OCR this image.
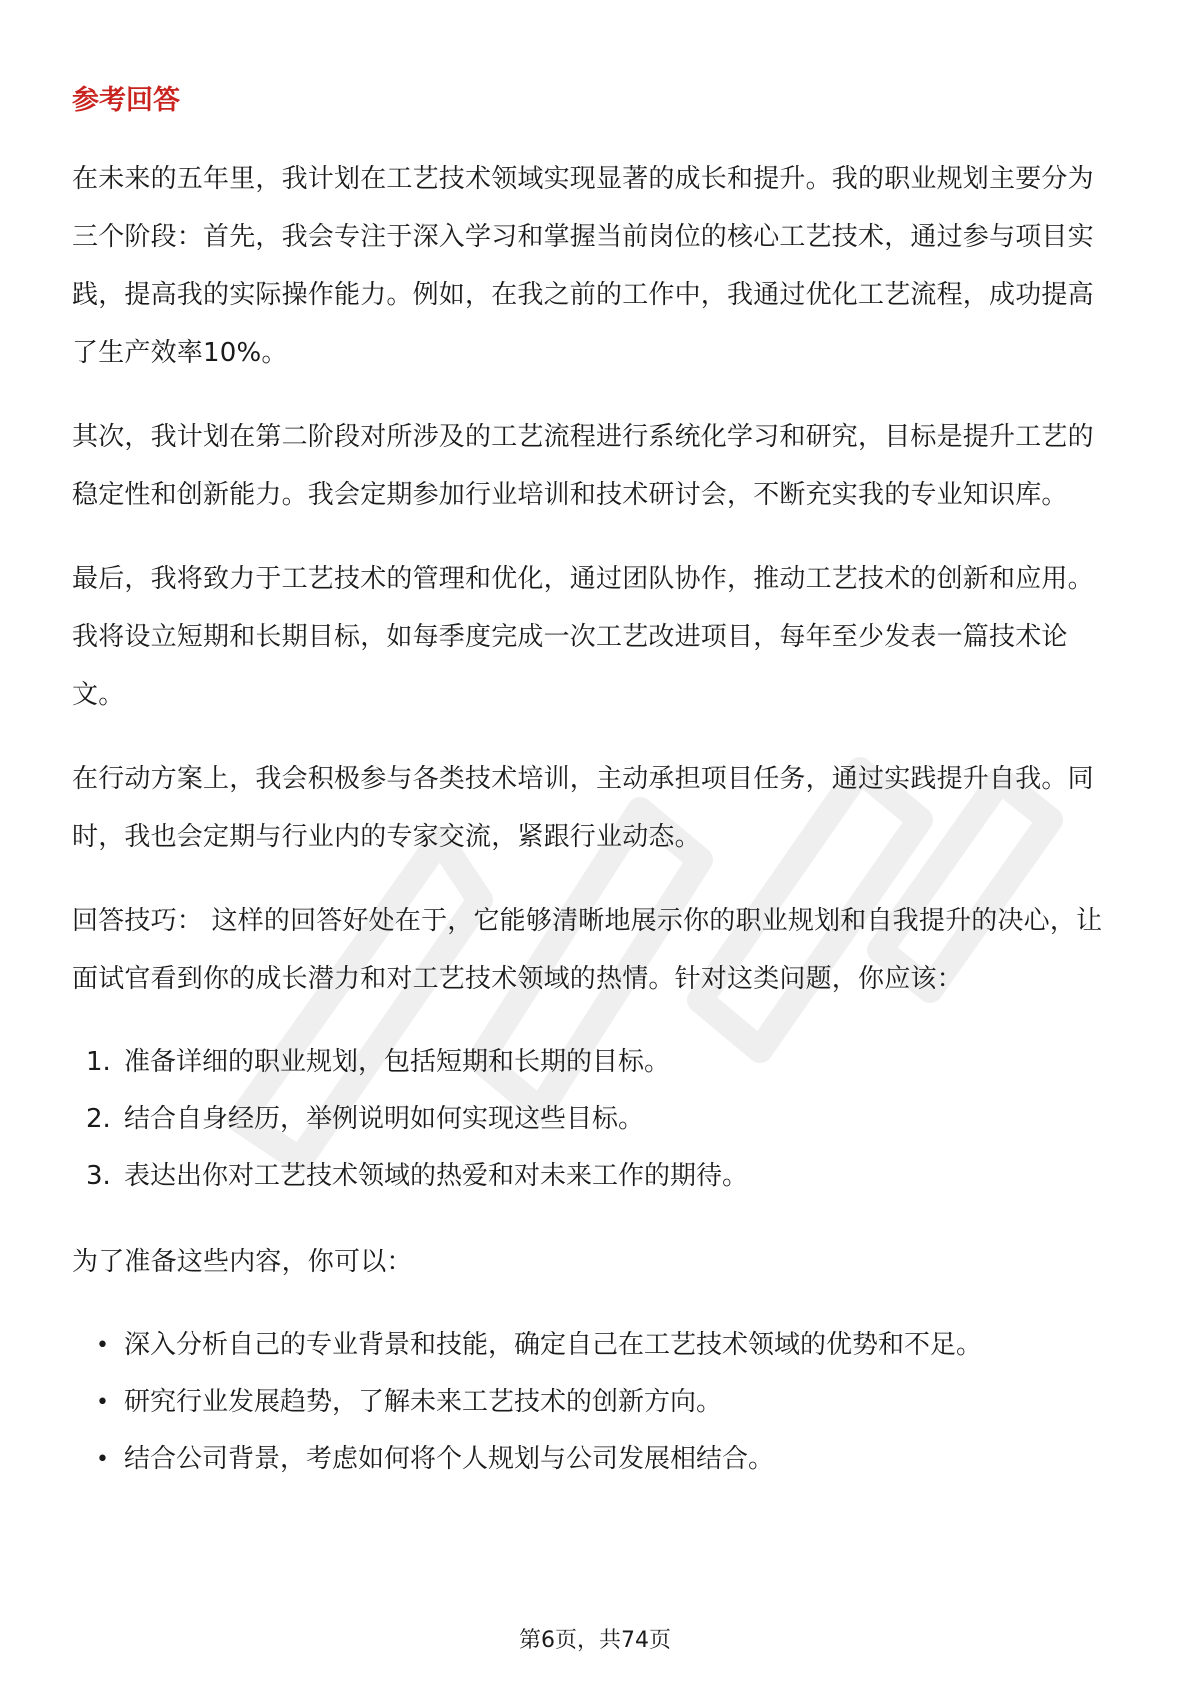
参考回答

在未来的五年里，我计划在工艺技术领域实现显著的成长和提升。我的职业规划主要分为三个阶段：首先，我会专注于深入学习和掌握当前岗位的核心工艺技术，通过参与项目实践，提高我的实际操作能力。例如，在我之前的工作中，我通过优化工艺流程，成功提高了生产效率10%。

其次，我计划在第二阶段对所涉及的工艺流程进行系统化学习和研究，目标是提升工艺的稳定性和创新能力。我会定期参加行业培训和技术研讨会，不断充实我的专业知识库。

最后，我将致力于工艺技术的管理和优化，通过团队协作，推动工艺技术的创新和应用。我将设立短期和长期目标，如每季度完成一次工艺改进项目，每年至少发表一篇技术论文。

在行动方案上，我会积极参与各类技术培训，主动承担项目任务，通过实践提升自我。同时，我也会定期与行业内的专家交流，紧跟行业动态。

回答技巧： 这样的回答好处在于，它能够清晰地展示你的职业规划和自我提升的决心，让面试官看到你的成长潜力和对工艺技术领域的热情。针对这类问题，你应该：

1. 准备详细的职业规划，包括短期和长期的目标。
2. 结合自身经历，举例说明如何实现这些目标。
3. 表达出你对工艺技术领域的热爱和对未来工作的期待。

为了准备这些内容，你可以：

• 深入分析自己的专业背景和技能，确定自己在工艺技术领域的优势和不足。
• 研究行业发展趋势，了解未来工艺技术的创新方向。
• 结合公司背景，考虑如何将个人规划与公司发展相结合。
第6页，共74页
